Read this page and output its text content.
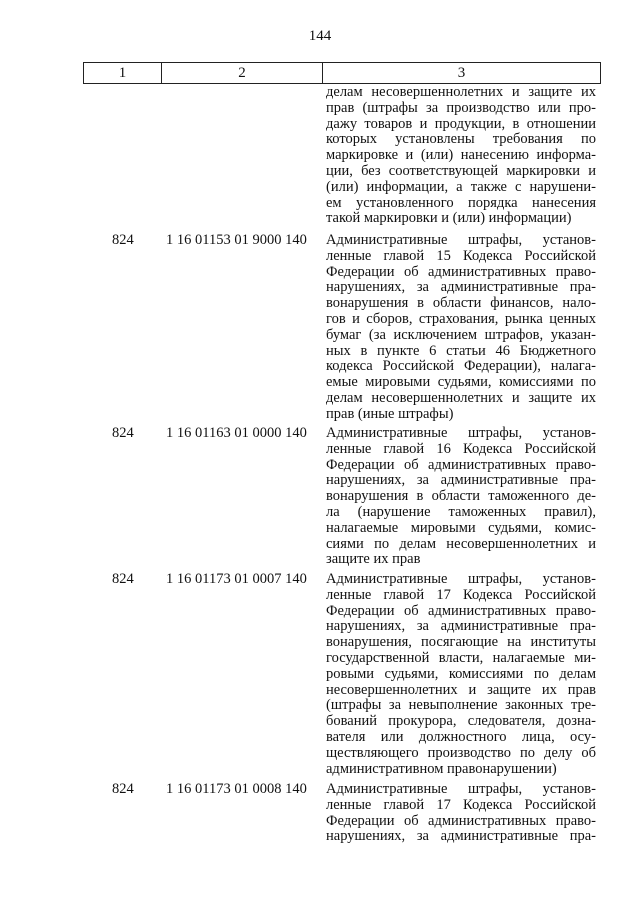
144
1	2	3
делам несовершеннолетних и защите их
прав (штрафы за производство или про-
дажу товаров и продукции, в отношении
которых установлены требования по
маркировке и (или) нанесению информа-
ции, без соответствующей маркировки и
(или) информации, а также с нарушени-
ем установленного порядка нанесения
такой маркировки и (или) информации)
824 1 16 01153 01 9000 140 Административные штрафы, установ-
ленные главой 15 Кодекса Российской
Федерации об административных право-
нарушениях, за административные пра-
вонарушения в области финансов, нало-
гов и сборов, страхования, рынка ценных
бумаг (за исключением штрафов, указан-
ных в пункте 6 статьи 46 Бюджетного
кодекса Российской Федерации), налага-
емые мировыми судьями, комиссиями по
делам несовершеннолетних и защите их
прав (иные штрафы)
824 1 16 01163 01 0000 140 Административные штрафы, установ-
ленные главой 16 Кодекса Российской
Федерации об административных право-
нарушениях, за административные пра-
вонарушения в области таможенного де-
ла (нарушение таможенных правил),
налагаемые мировыми судьями, комис-
сиями по делам несовершеннолетних и
защите их прав
824 1 16 01173 01 0007 140 Административные штрафы, установ-
ленные главой 17 Кодекса Российской
Федерации об административных право-
нарушениях, за административные пра-
вонарушения, посягающие на институты
государственной власти, налагаемые ми-
ровыми судьями, комиссиями по делам
несовершеннолетних и защите их прав
(штрафы за невыполнение законных тре-
бований прокурора, следователя, дозна-
вателя или должностного лица, осу-
ществляющего производство по делу об
административном правонарушении)
824 1 16 01173 01 0008 140 Административные штрафы, установ-
ленные главой 17 Кодекса Российской
Федерации об административных право-
нарушениях, за административные пра-
